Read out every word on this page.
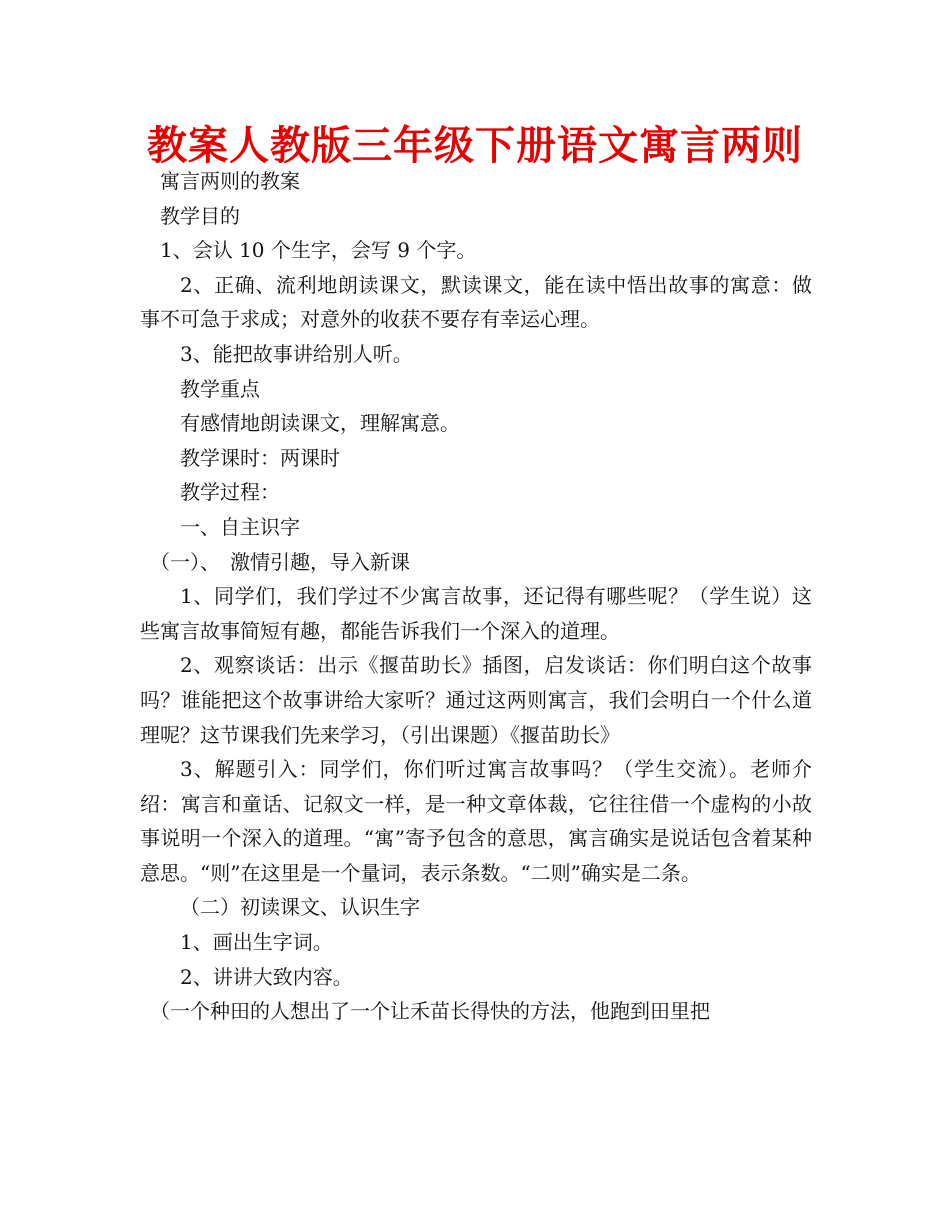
教案人教版三年级下册语文寓言两则

寓言两则的教案

教学目的

1、会认 10 个生字，会写 9 个字。

2、正确、流利地朗读课文，默读课文，能在读中悟出故事的寓意：做事不可急于求成；对意外的收获不要存有幸运心理。

3、能把故事讲给别人听。

教学重点

有感情地朗读课文，理解寓意。

教学课时：两课时

教学过程：

一、自主识字

（一）、　激情引趣，导入新课

1、同学们，我们学过不少寓言故事，还记得有哪些呢？（学生说）这些寓言故事简短有趣，都能告诉我们一个深入的道理。

2、观察谈话：出示《揠苗助长》插图，启发谈话：你们明白这个故事吗？谁能把这个故事讲给大家听？通过这两则寓言，我们会明白一个什么道理呢？这节课我们先来学习，（引出课题）《揠苗助长》

3、解题引入：同学们，你们听过寓言故事吗？（学生交流）。老师介绍：寓言和童话、记叙文一样，是一种文章体裁，它往往借一个虚构的小故事说明一个深入的道理。“寓”寄予包含的意思，寓言确实是说话包含着某种意思。“则”在这里是一个量词，表示条数。“二则”确实是二条。

（二）初读课文、认识生字

1、画出生字词。

2、讲讲大致内容。

（一个种田的人想出了一个让禾苗长得快的方法，他跑到田里把
